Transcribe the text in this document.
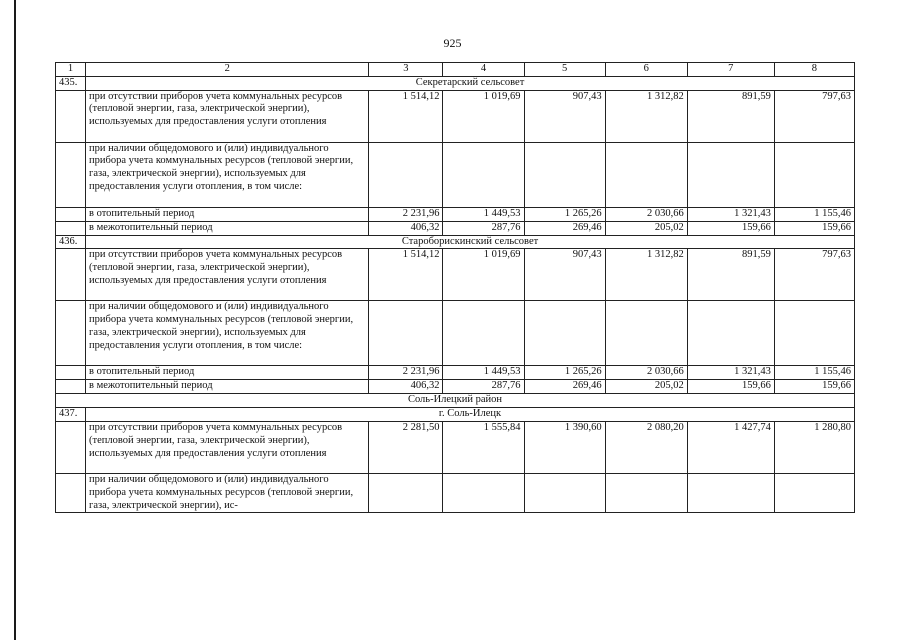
925
1	2	3	4	5	6	7	8
435.	Секретарский сельсовет						
	при отсутствии приборов учета коммунальных ресурсов (тепловой энергии, газа, электрической энергии), используемых для предоставления услуги отопления	1 514,12	1 019,69	907,43	1 312,82	891,59	797,63
	при наличии общедомового и (или) индивидуального прибора учета коммунальных ресурсов (тепловой энергии, газа, электрической энергии), используемых для предоставления услуги отопления, в том числе:						
	в отопительный период	2 231,96	1 449,53	1 265,26	2 030,66	1 321,43	1 155,46
	в межотопительный период	406,32	287,76	269,46	205,02	159,66	159,66
436.	Староборискинский сельсовет						
	при отсутствии приборов учета коммунальных ресурсов (тепловой энергии, газа, электрической энергии), используемых для предоставления услуги отопления	1 514,12	1 019,69	907,43	1 312,82	891,59	797,63
	при наличии общедомового и (или) индивидуального прибора учета коммунальных ресурсов (тепловой энергии, газа, электрической энергии), используемых для предоставления услуги отопления, в том числе:						
	в отопительный период	2 231,96	1 449,53	1 265,26	2 030,66	1 321,43	1 155,46
	в межотопительный период	406,32	287,76	269,46	205,02	159,66	159,66
Соль-Илецкий район							
437.	г. Соль-Илецк						
	при отсутствии приборов учета коммунальных ресурсов (тепловой энергии, газа, электрической энергии), используемых для предоставления услуги отопления	2 281,50	1 555,84	1 390,60	2 080,20	1 427,74	1 280,80
	при наличии общедомового и (или) индивидуального прибора учета коммунальных ресурсов (тепловой энергии, газа, электрической энергии), ис-						
